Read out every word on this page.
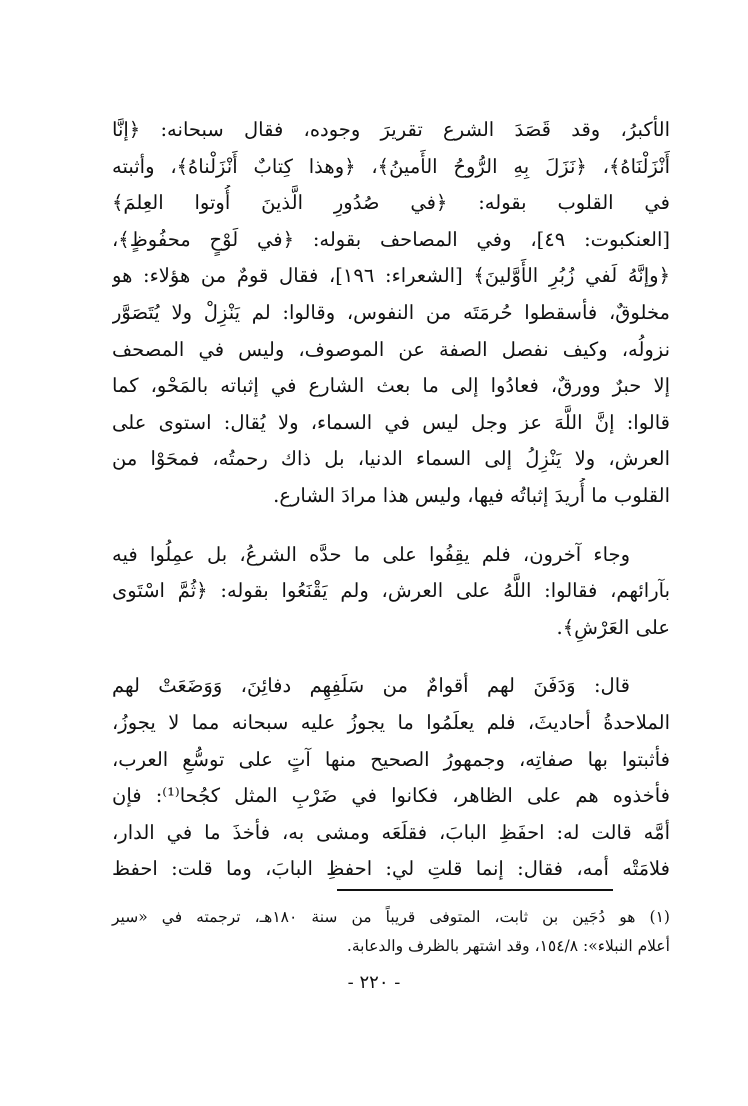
الأكبرُ، وقد قَصَدَ الشرع تقريرَ وجوده، فقال سبحانه: ﴿إنَّا
أَنْزَلْنَاهُ﴾، ﴿نَزَلَ بِهِ الرُّوحُ الأَمينُ﴾، ﴿وهذا كِتابٌ أَنْزَلْناهُ﴾، وأثبته
في القلوب بقوله: ﴿في صُدُورِ الَّذينَ أُوتوا العِلمَ﴾
[العنكبوت: ٤٩]، وفي المصاحف بقوله: ﴿في لَوْحٍ محفُوظٍ﴾،
﴿وإنَّهُ لَفي زُبُرِ الأَوَّلينَ﴾ [الشعراء: ١٩٦]، فقال قومٌ من هؤلاء: هو
مخلوقٌ، فأسقطوا حُرمَتَه من النفوس، وقالوا: لم يَنْزِلْ ولا يُتَصَوَّر
نزولُه، وكيف نفصل الصفة عن الموصوف، وليس في المصحف
إلا حبرٌ وورقٌ، فعادُوا إلى ما بعث الشارع في إثباته بالمَحْو، كما
قالوا: إنَّ اللَّهَ عز وجل ليس في السماء، ولا يُقال: استوى على
العرش، ولا يَنْزِلُ إلى السماء الدنيا، بل ذاك رحمتُه، فمحَوْا من
القلوب ما أُريدَ إثباتُه فيها، وليس هذا مرادَ الشارع.
وجاء آخرون، فلم يقِفُوا على ما حدَّه الشرعُ، بل عمِلُوا فيه
بآرائهم، فقالوا: اللَّهُ على العرش، ولم يَقْنَعُوا بقوله: ﴿ثُمَّ اسْتَوى
على العَرْشِ﴾.
قال: وَدَفَنَ لهم أقوامٌ من سَلَفِهِم دفائِنَ، وَوَضَعَتْ لهم
الملاحدةُ أحاديثَ، فلم يعلَمُوا ما يجوزُ عليه سبحانه مما لا يجوزُ،
فأثبتوا بها صفاتِه، وجمهورُ الصحيح منها آتٍ على توسُّعِ العرب،
فأخذوه هم على الظاهر، فكانوا في ضَرْبِ المثل كجُحا⁽¹⁾: فإن
أمَّه قالت له: احفَظِ البابَ، فقلَعَه ومشى به، فأخذَ ما في الدار،
فلامَتْه أمه، فقال: إنما قلتِ لي: احفظِ البابَ، وما قلت: احفظ
(١) هو دُجَين بن ثابت، المتوفى قريباً من سنة ١٨٠هـ، ترجمته في «سير
أعلام النبلاء»: ١٥٤/٨، وقد اشتهر بالظرف والدعابة.
- ٢٢٠ -
